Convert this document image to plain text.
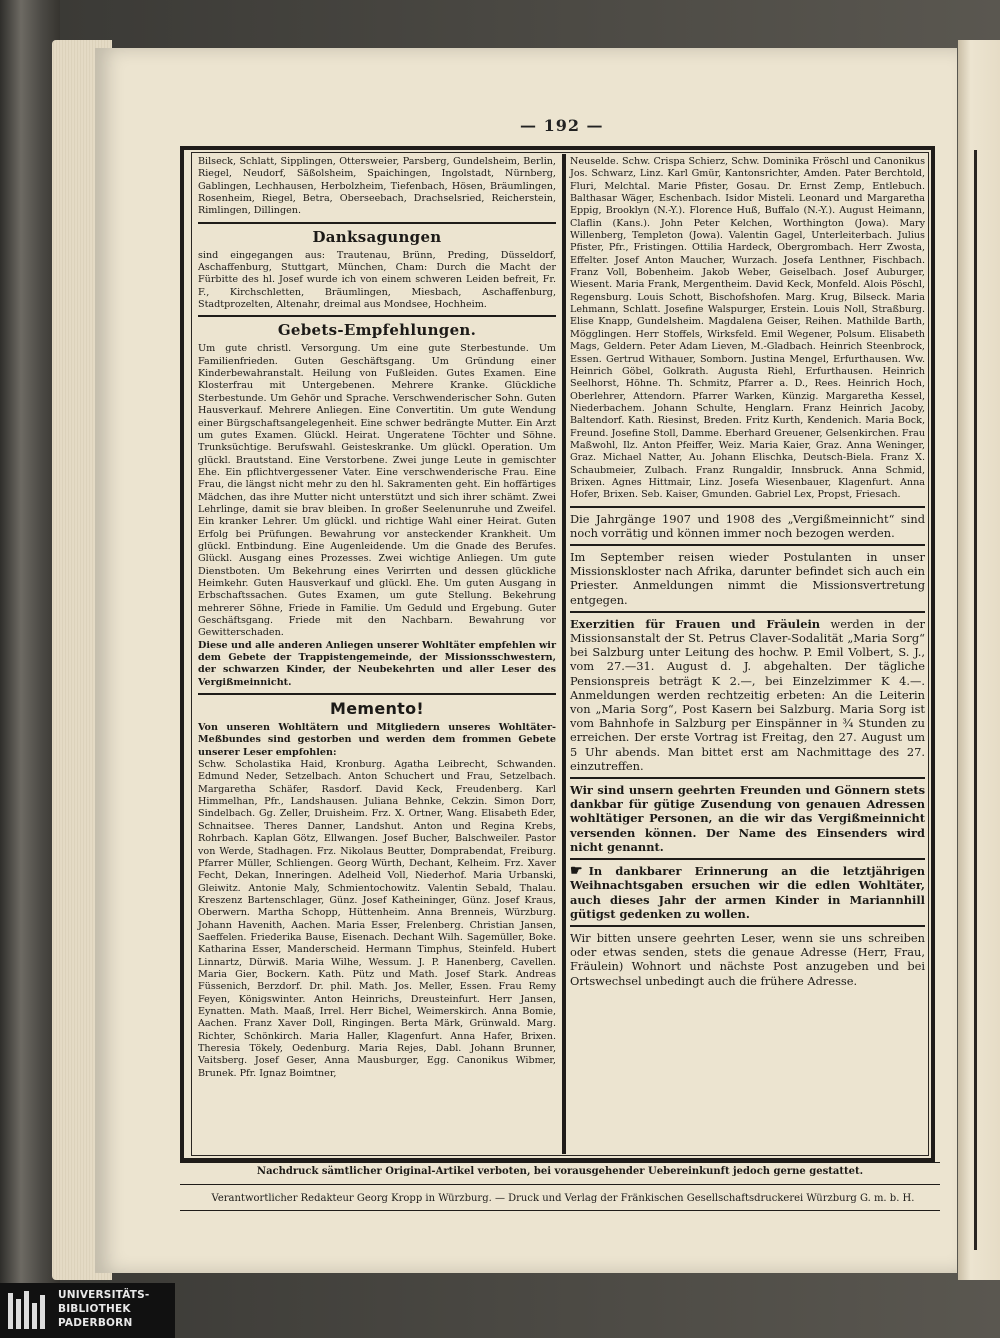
— 192 —

Bilseck, Schlatt, Sipplingen, Ottersweier, Parsberg, Gundelsheim, Berlin, Riegel, Neudorf, Säßolsheim, Spaichingen, Ingolstadt, Nürnberg, Gablingen, Lechhausen, Herbolzheim, Tiefenbach, Hösen, Bräumlingen, Rosenheim, Riegel, Betra, Oberseebach, Drachselsried, Reicherstein, Rimlingen, Dillingen.

Danksagungen

sind eingegangen aus: Trautenau, Brünn, Preding, Düsseldorf, Aschaffenburg, Stuttgart, München, Cham: Durch die Macht der Fürbitte des hl. Josef wurde ich von einem schweren Leiden befreit, Fr. F., Kirchschletten, Bräumlingen, Miesbach, Aschaffenburg, Stadtprozelten, Altenahr, dreimal aus Mondsee, Hochheim.

Gebets-Empfehlungen.

Um gute christl. Versorgung. Um eine gute Sterbestunde. Um Familienfrieden. Guten Geschäftsgang. Um Gründung einer Kinderbewahranstalt. Heilung von Fußleiden. Gutes Examen. Eine Klosterfrau mit Untergebenen. Mehrere Kranke. Glückliche Sterbestunde. Um Gehör und Sprache. Verschwenderischer Sohn. Guten Hausverkauf. Mehrere Anliegen. Eine Convertitin. Um gute Wendung einer Bürgschaftsangelegenheit. Eine schwer bedrängte Mutter. Ein Arzt um gutes Examen. Glückl. Heirat. Ungeratene Töchter und Söhne. Trunksüchtige. Berufswahl. Geisteskranke. Um glückl. Operation. Um glückl. Brautstand. Eine Verstorbene. Zwei junge Leute in gemischter Ehe. Ein pflichtvergessener Vater. Eine verschwenderische Frau. Eine Frau, die längst nicht mehr zu den hl. Sakramenten geht. Ein hoffärtiges Mädchen, das ihre Mutter nicht unterstützt und sich ihrer schämt. Zwei Lehrlinge, damit sie brav bleiben. In großer Seelenunruhe und Zweifel. Ein kranker Lehrer. Um glückl. und richtige Wahl einer Heirat. Guten Erfolg bei Prüfungen. Bewahrung vor ansteckender Krankheit. Um glückl. Entbindung. Eine Augenleidende. Um die Gnade des Berufes. Glückl. Ausgang eines Prozesses. Zwei wichtige Anliegen. Um gute Dienstboten. Um Bekehrung eines Verirrten und dessen glückliche Heimkehr. Guten Hausverkauf und glückl. Ehe. Um guten Ausgang in Erbschaftssachen. Gutes Examen, um gute Stellung. Bekehrung mehrerer Söhne, Friede in Familie. Um Geduld und Ergebung. Guter Geschäftsgang. Friede mit den Nachbarn. Bewahrung vor Gewitterschaden.

Diese und alle anderen Anliegen unserer Wohltäter empfehlen wir dem Gebete der Trappistengemeinde, der Missionsschwestern, der schwarzen Kinder, der Neubekehrten und aller Leser des Vergißmeinnicht.

Memento!

Von unseren Wohltätern und Mitgliedern unseres Wohltäter-Meßbundes sind gestorben und werden dem frommen Gebete unserer Leser empfohlen:

Schw. Scholastika Haid, Kronburg. Agatha Leibrecht, Schwanden. Edmund Neder, Setzelbach. Anton Schuchert und Frau, Setzelbach. Margaretha Schäfer, Rasdorf. David Keck, Freudenberg. Karl Himmelhan, Pfr., Landshausen. Juliana Behnke, Cekzin. Simon Dorr, Sindelbach. Gg. Zeller, Druisheim. Frz. X. Ortner, Wang. Elisabeth Eder, Schnaitsee. Theres Danner, Landshut. Anton und Regina Krebs, Rohrbach. Kaplan Götz, Ellwangen. Josef Bucher, Balschweiler. Pastor von Werde, Stadhagen. Frz. Nikolaus Beutter, Domprabendat, Freiburg. Pfarrer Müller, Schliengen. Georg Würth, Dechant, Kelheim. Frz. Xaver Fecht, Dekan, Inneringen. Adelheid Voll, Niederhof. Maria Urbanski, Gleiwitz. Antonie Maly, Schmientochowitz. Valentin Sebald, Thalau. Kreszenz Bartenschlager, Günz. Josef Katheininger, Günz. Josef Kraus, Oberwern. Martha Schopp, Hüttenheim. Anna Brenneis, Würzburg. Johann Havenith, Aachen. Maria Esser, Frelenberg. Christian Jansen, Saeffelen. Friederika Bause, Eisenach. Dechant Wilh. Sagemüller, Boke. Katharina Esser, Manderscheid. Hermann Timphus, Steinfeld. Hubert Linnartz, Dürwiß. Maria Wilhe, Wessum. J. P. Hanenberg, Cavellen. Maria Gier, Bockern. Kath. Pütz und Math. Josef Stark. Andreas Füssenich, Berzdorf. Dr. phil. Math. Jos. Meller, Essen. Frau Remy Feyen, Königswinter. Anton Heinrichs, Dreusteinfurt. Herr Jansen, Eynatten. Math. Maaß, Irrel. Herr Bichel, Weimerskirch. Anna Bomie, Aachen. Franz Xaver Doll, Ringingen. Berta Märk, Grünwald. Marg. Richter, Schönkirch. Maria Haller, Klagenfurt. Anna Hafer, Brixen. Theresia Tökely, Oedenburg. Maria Rejes, Dabl. Johann Brunner, Vaitsberg. Josef Geser, Anna Mausburger, Egg. Canonikus Wibmer, Brunek. Pfr. Ignaz Boimtner,

Neuselde. Schw. Crispa Schierz, Schw. Dominika Fröschl und Canonikus Jos. Schwarz, Linz. Karl Gmür, Kantonsrichter, Amden. Pater Berchtold, Fluri, Melchtal. Marie Pfister, Gosau. Dr. Ernst Zemp, Entlebuch. Balthasar Wäger, Eschenbach. Isidor Misteli. Leonard und Margaretha Eppig, Brooklyn (N.-Y.). Florence Huß, Buffalo (N.-Y.). August Heimann, Claflin (Kans.). John Peter Kelchen, Worthington (Jowa). Mary Willenberg, Templeton (Jowa). Valentin Gagel, Unterleiterbach. Julius Pfister, Pfr., Fristingen. Ottilia Hardeck, Obergrombach. Herr Zwosta, Effelter. Josef Anton Maucher, Wurzach. Josefa Lenthner, Fischbach. Franz Voll, Bobenheim. Jakob Weber, Geiselbach. Josef Auburger, Wiesent. Maria Frank, Mergentheim. David Keck, Monfeld. Alois Pöschl, Regensburg. Louis Schott, Bischofshofen. Marg. Krug, Bilseck. Maria Lehmann, Schlatt. Josefine Walspurger, Erstein. Louis Noll, Straßburg. Elise Knapp, Gundelsheim. Magdalena Geiser, Reihen. Mathilde Barth, Mögglingen. Herr Stoffels, Wirksfeld. Emil Wegener, Polsum. Elisabeth Mags, Geldern. Peter Adam Lieven, M.-Gladbach. Heinrich Steenbrock, Essen. Gertrud Withauer, Somborn. Justina Mengel, Erfurthausen. Ww. Heinrich Göbel, Golkrath. Augusta Riehl, Erfurthausen. Heinrich Seelhorst, Höhne. Th. Schmitz, Pfarrer a. D., Rees. Heinrich Hoch, Oberlehrer, Attendorn. Pfarrer Warken, Künzig. Margaretha Kessel, Niederbachem. Johann Schulte, Henglarn. Franz Heinrich Jacoby, Baltendorf. Kath. Riesinst, Breden. Fritz Kurth, Kendenich. Maria Bock, Freund. Josefine Stoll, Damme. Eberhard Greuener, Gelsenkirchen. Frau Maßwohl, Ilz. Anton Pfeiffer, Weiz. Maria Kaier, Graz. Anna Weninger, Graz. Michael Natter, Au. Johann Elischka, Deutsch-Biela. Franz X. Schaubmeier, Zulbach. Franz Rungaldir, Innsbruck. Anna Schmid, Brixen. Agnes Hittmair, Linz. Josefa Wiesenbauer, Klagenfurt. Anna Hofer, Brixen. Seb. Kaiser, Gmunden. Gabriel Lex, Propst, Friesach.

Die Jahrgänge 1907 und 1908 des „Vergißmeinnicht“ sind noch vorrätig und können immer noch bezogen werden.

Im September reisen wieder Postulanten in unser Missionskloster nach Afrika, darunter befindet sich auch ein Priester. Anmeldungen nimmt die Missionsvertretung entgegen.

Exerzitien für Frauen und Fräulein werden in der Missionsanstalt der St. Petrus Claver-Sodalität „Maria Sorg“ bei Salzburg unter Leitung des hochw. P. Emil Volbert, S. J., vom 27.—31. August d. J. abgehalten. Der tägliche Pensionspreis beträgt K 2.—, bei Einzelzimmer K 4.—. Anmeldungen werden rechtzeitig erbeten: An die Leiterin von „Maria Sorg“, Post Kasern bei Salzburg. Maria Sorg ist vom Bahnhofe in Salzburg per Einspänner in ¾ Stunden zu erreichen. Der erste Vortrag ist Freitag, den 27. August um 5 Uhr abends. Man bittet erst am Nachmittage des 27. einzutreffen.

Wir sind unsern geehrten Freunden und Gönnern stets dankbar für gütige Zusendung von genauen Adressen wohltätiger Personen, an die wir das Vergißmeinnicht versenden können. Der Name des Einsenders wird nicht genannt.

☛ In dankbarer Erinnerung an die letztjährigen Weihnachtsgaben ersuchen wir die edlen Wohltäter, auch dieses Jahr der armen Kinder in Mariannhill gütigst gedenken zu wollen.

Wir bitten unsere geehrten Leser, wenn sie uns schreiben oder etwas senden, stets die genaue Adresse (Herr, Frau, Fräulein) Wohnort und nächste Post anzugeben und bei Ortswechsel unbedingt auch die frühere Adresse.

Nachdruck sämtlicher Original-Artikel verboten, bei vorausgehender Uebereinkunft jedoch gerne gestattet.
Verantwortlicher Redakteur Georg Kropp in Würzburg. — Druck und Verlag der Fränkischen Gesellschaftsdruckerei Würzburg G. m. b. H.
UNIVERSITÄTS-
BIBLIOTHEK
PADERBORN
